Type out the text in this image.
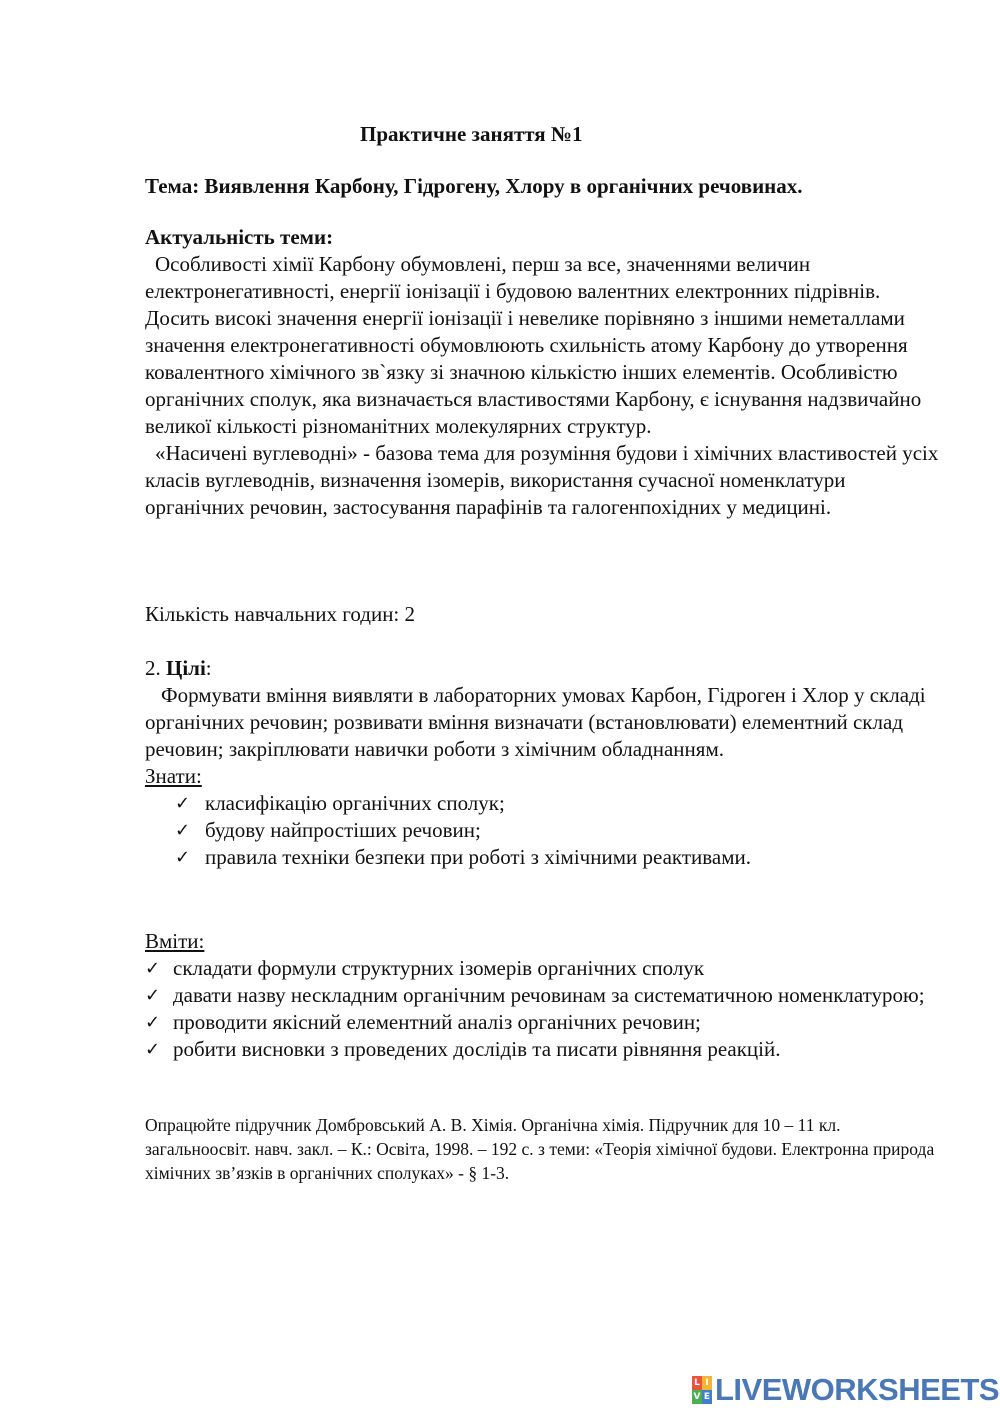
Практичне заняття №1
Тема: Виявлення Карбону, Гідрогену, Хлору в органічних речовинах.

Актуальність теми:

Особливості хімії Карбону обумовлені, перш за все, значеннями величин електронегативності, енергії іонізації і будовою валентних електронних підрівнів. Досить високі значення енергії іонізації і невелике порівняно з іншими неметаллами значення електронегативності обумовлюють схильність атому Карбону до утворення ковалентного хімічного зв`язку зі значною кількістю інших елементів. Особливістю органічних сполук, яка визначається властивостями Карбону, є існування надзвичайно великої кількості різноманітних молекулярних структур.

«Насичені вуглеводні» - базова тема для розуміння будови і хімічних властивостей усіх класів вуглеводнів, визначення ізомерів, використання сучасної номенклатури органічних речовин, застосування парафінів та галогенпохідних у медицині.

Кількість навчальних годин: 2

2. Цілі:

Формувати вміння виявляти в лабораторних умовах Карбон, Гідроген і Хлор у складі органічних речовин; розвивати вміння визначати (встановлювати) елементний склад речовин; закріплювати навички роботи з хімічним обладнанням.

Знати:

✓ класифікацію органічних сполук;
✓ будову найпростіших речовин;
✓ правила техніки безпеки при роботі з хімічними реактивами.

Вміти:

✓ складати формули структурних ізомерів органічних сполук
✓ давати назву нескладним органічним речовинам за систематичною номенклатурою;
✓ проводити якісний елементний аналіз органічних речовин;
✓ робити висновки з проведених дослідів та писати рівняння реакцій.
Опрацюйте підручник Домбровський А. В. Хімія. Органічна хімія. Підручник для 10 – 11 кл. загальноосвіт. навч. закл. – К.: Освіта, 1998. – 192 с. з теми: «Теорія хімічної будови. Електронна природа хімічних зв’язків в органічних сполуках» - § 1-3.
L I
V E LIVEWORKSHEETS
